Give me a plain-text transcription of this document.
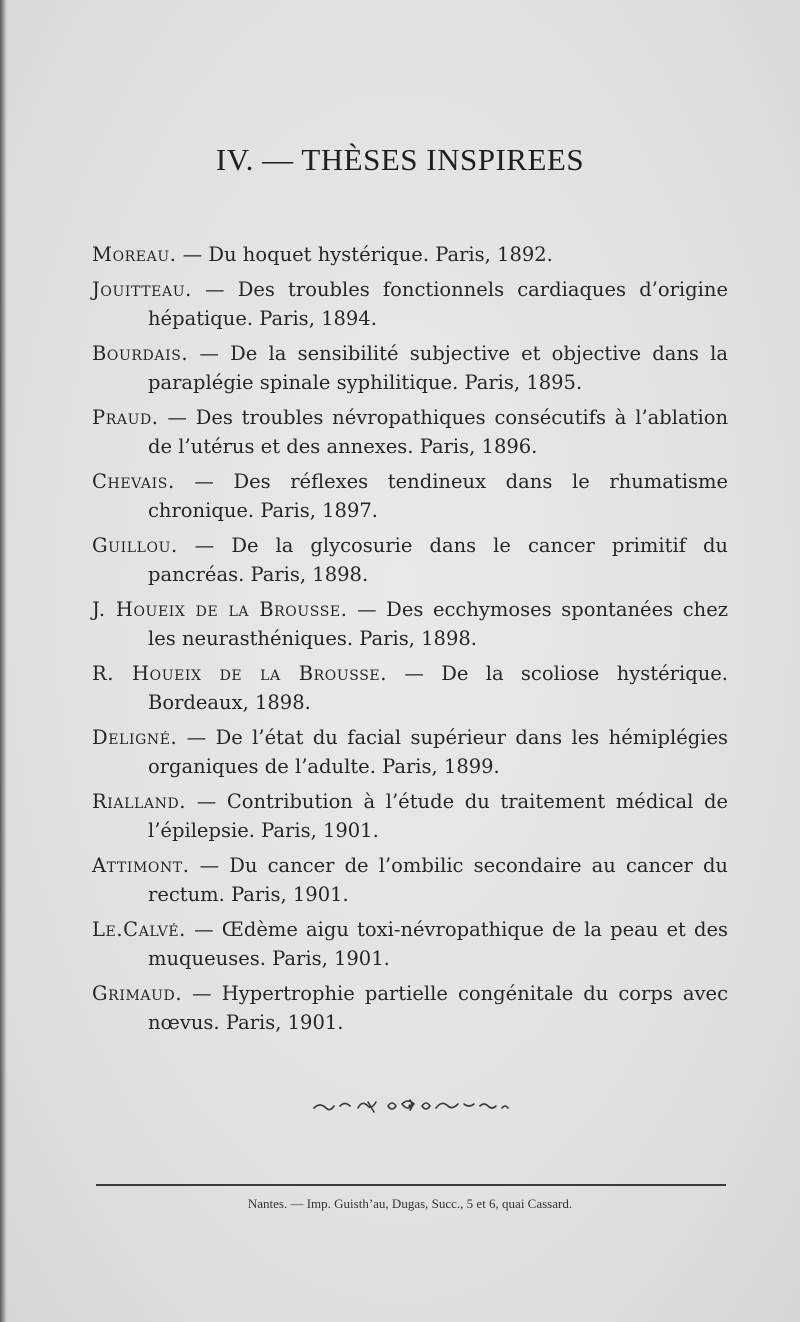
IV. — THÈSES INSPIREES

Moreau. — Du hoquet hystérique. Paris, 1892.

Jouitteau. — Des troubles fonctionnels cardiaques d’origine hépatique. Paris, 1894.

Bourdais. — De la sensibilité subjective et objective dans la paraplégie spinale syphilitique. Paris, 1895.

Praud. — Des troubles névropathiques consécutifs à l’ablation de l’utérus et des annexes. Paris, 1896.

Chevais. — Des réflexes tendineux dans le rhumatisme chronique. Paris, 1897.

Guillou. — De la glycosurie dans le cancer primitif du pancréas. Paris, 1898.

J. Houeix de la Brousse. — Des ecchymoses spontanées chez les neurasthéniques. Paris, 1898.

R. Houeix de la Brousse. — De la scoliose hystérique. Bordeaux, 1898.

Deligné. — De l’état du facial supérieur dans les hémiplégies organiques de l’adulte. Paris, 1899.

Rialland. — Contribution à l’étude du traitement médical de l’épilepsie. Paris, 1901.

Attimont. — Du cancer de l’ombilic secondaire au cancer du rectum. Paris, 1901.

Le.Calvé. — Œdème aigu toxi-névropathique de la peau et des muqueuses. Paris, 1901.

Grimaud. — Hypertrophie partielle congénitale du corps avec nœvus. Paris, 1901.

Nantes. — Imp. Guisth’au, Dugas, Succ., 5 et 6, quai Cassard.
